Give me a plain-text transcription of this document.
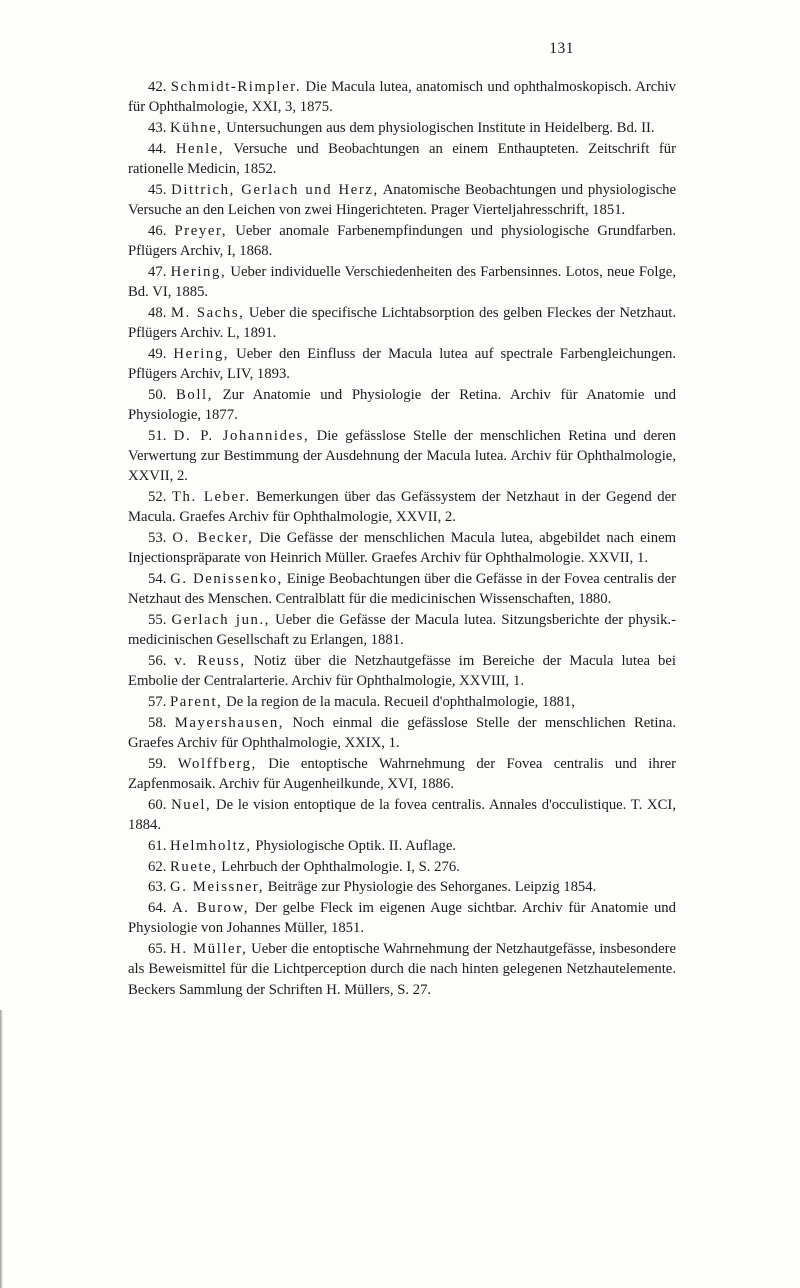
131

42. Schmidt-Rimpler. Die Macula lutea, anatomisch und ophthalmoskopisch. Archiv für Ophthalmologie, XXI, 3, 1875.

43. Kühne, Untersuchungen aus dem physiologischen Institute in Heidelberg. Bd. II.

44. Henle, Versuche und Beobachtungen an einem Enthaupteten. Zeitschrift für rationelle Medicin, 1852.

45. Dittrich, Gerlach und Herz, Anatomische Beobachtungen und physiologische Versuche an den Leichen von zwei Hingerichteten. Prager Vierteljahresschrift, 1851.

46. Preyer, Ueber anomale Farbenempfindungen und physiologische Grundfarben. Pflügers Archiv, I, 1868.

47. Hering, Ueber individuelle Verschiedenheiten des Farbensinnes. Lotos, neue Folge, Bd. VI, 1885.

48. M. Sachs, Ueber die specifische Lichtabsorption des gelben Fleckes der Netzhaut. Pflügers Archiv. L, 1891.

49. Hering, Ueber den Einfluss der Macula lutea auf spectrale Farbengleichungen. Pflügers Archiv, LIV, 1893.

50. Boll, Zur Anatomie und Physiologie der Retina. Archiv für Anatomie und Physiologie, 1877.

51. D. P. Johannides, Die gefässlose Stelle der menschlichen Retina und deren Verwertung zur Bestimmung der Ausdehnung der Macula lutea. Archiv für Ophthalmologie, XXVII, 2.

52. Th. Leber. Bemerkungen über das Gefässystem der Netzhaut in der Gegend der Macula. Graefes Archiv für Ophthalmologie, XXVII, 2.

53. O. Becker, Die Gefässe der menschlichen Macula lutea, abgebildet nach einem Injectionspräparate von Heinrich Müller. Graefes Archiv für Ophthalmologie. XXVII, 1.

54. G. Denissenko, Einige Beobachtungen über die Gefässe in der Fovea centralis der Netzhaut des Menschen. Centralblatt für die medicinischen Wissenschaften, 1880.

55. Gerlach jun., Ueber die Gefässe der Macula lutea. Sitzungsberichte der physik.-medicinischen Gesellschaft zu Erlangen, 1881.

56. v. Reuss, Notiz über die Netzhautgefässe im Bereiche der Macula lutea bei Embolie der Centralarterie. Archiv für Ophthalmologie, XXVIII, 1.

57. Parent, De la region de la macula. Recueil d'ophthalmologie, 1881,

58. Mayershausen, Noch einmal die gefässlose Stelle der menschlichen Retina. Graefes Archiv für Ophthalmologie, XXIX, 1.

59. Wolffberg, Die entoptische Wahrnehmung der Fovea centralis und ihrer Zapfenmosaik. Archiv für Augenheilkunde, XVI, 1886.

60. Nuel, De le vision entoptique de la fovea centralis. Annales d'occulistique. T. XCI, 1884.

61. Helmholtz, Physiologische Optik. II. Auflage.

62. Ruete, Lehrbuch der Ophthalmologie. I, S. 276.

63. G. Meissner, Beiträge zur Physiologie des Sehorganes. Leipzig 1854.

64. A. Burow, Der gelbe Fleck im eigenen Auge sichtbar. Archiv für Anatomie und Physiologie von Johannes Müller, 1851.

65. H. Müller, Ueber die entoptische Wahrnehmung der Netzhautgefässe, insbesondere als Beweismittel für die Lichtperception durch die nach hinten gelegenen Netzhautelemente. Beckers Sammlung der Schriften H. Müllers, S. 27.
